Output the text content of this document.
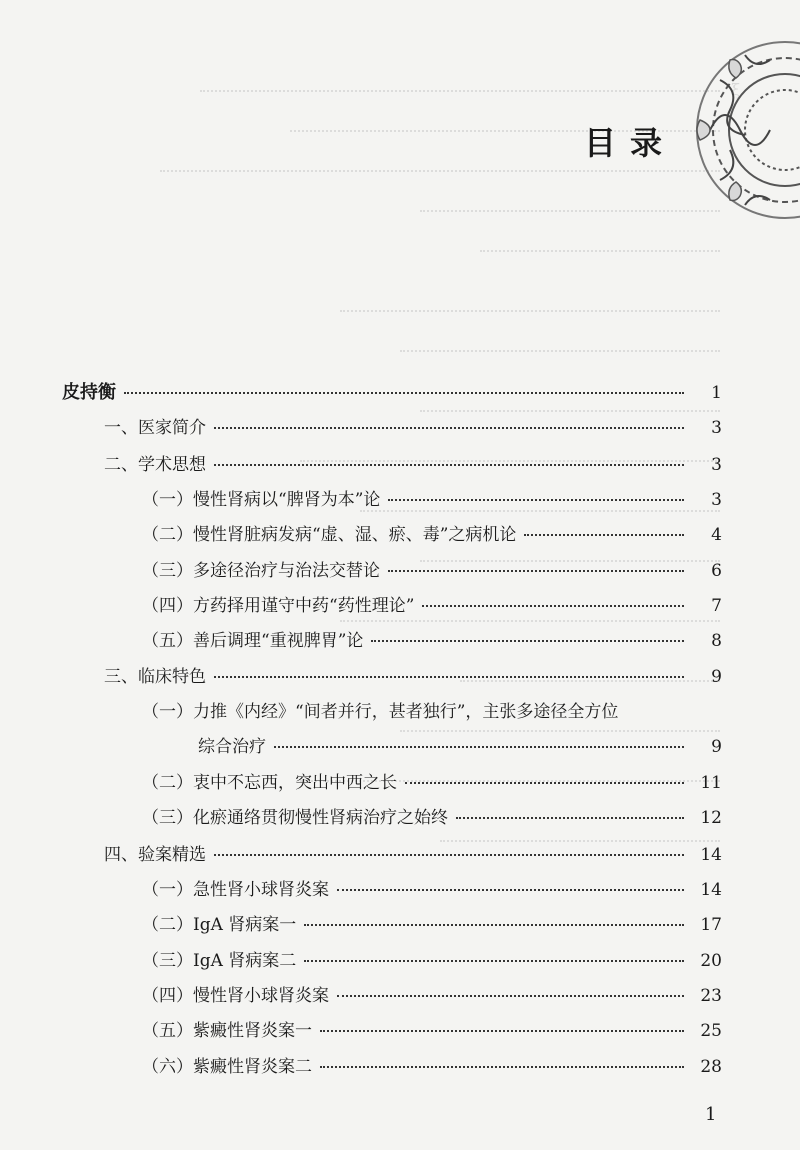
ξ
目录
皮持衡	1
一、医家简介	3
二、学术思想	3
（一）慢性肾病以“脾肾为本”论	3
（二）慢性肾脏病发病“虚、湿、瘀、毒”之病机论	4
（三）多途径治疗与治法交替论	6
（四）方药择用谨守中药“药性理论”	7
（五）善后调理“重视脾胃”论	8
三、临床特色	9
（一）力推《内经》“间者并行，甚者独行”，主张多途径全方位
综合治疗	9
（二）衷中不忘西，突出中西之长	11
（三）化瘀通络贯彻慢性肾病治疗之始终	12
四、验案精选	14
（一）急性肾小球肾炎案	14
（二）IgA 肾病案一	17
（三）IgA 肾病案二	20
（四）慢性肾小球肾炎案	23
（五）紫癜性肾炎案一	25
（六）紫癜性肾炎案二	28
1
